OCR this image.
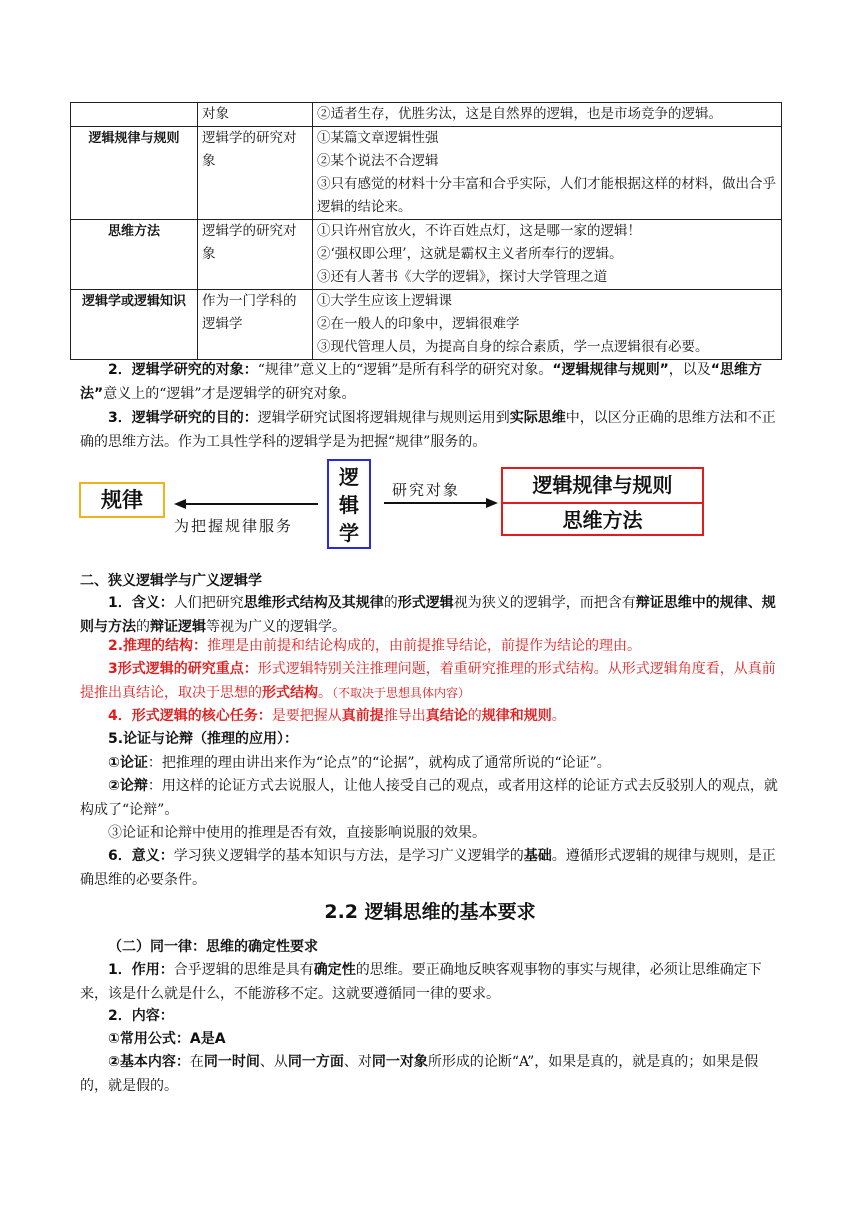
	对象	②适者生存，优胜劣汰，这是自然界的逻辑，也是市场竞争的逻辑。

逻辑规律与规则	逻辑学的研究对象	①某篇文章逻辑性强
②某个说法不合逻辑
③只有感觉的材料十分丰富和合乎实际，人们才能根据这样的材料，做出合乎逻辑的结论来。

思维方法	逻辑学的研究对象	①只许州官放火，不许百姓点灯，这是哪一家的逻辑！
②‘强权即公理’，这就是霸权主义者所奉行的逻辑。
③还有人著书《大学的逻辑》，探讨大学管理之道

逻辑学或逻辑知识	作为一门学科的逻辑学	①大学生应该上逻辑课
②在一般人的印象中，逻辑很难学
③现代管理人员，为提高自身的综合素质，学一点逻辑很有必要。
2．逻辑学研究的对象：“规律”意义上的“逻辑”是所有科学的研究对象。“逻辑规律与规则”，以及“思维方法”意义上的“逻辑”才是逻辑学的研究对象。
3．逻辑学研究的目的：逻辑学研究试图将逻辑规律与规则运用到实际思维中，以区分正确的思维方法和不正确的思维方法。作为工具性学科的逻辑学是为把握“规律”服务的。
规律
逻
辑
学
逻辑规律与规则
思维方法
研究对象
为把握规律服务
二、狭义逻辑学与广义逻辑学
1．含义：人们把研究思维形式结构及其规律的形式逻辑视为狭义的逻辑学，而把含有辩证思维中的规律、规则与方法的辩证逻辑等视为广义的逻辑学。
2.推理的结构：推理是由前提和结论构成的，由前提推导结论，前提作为结论的理由。
3形式逻辑的研究重点：形式逻辑特别关注推理问题，着重研究推理的形式结构。从形式逻辑角度看，从真前提推出真结论，取决于思想的形式结构。（不取决于思想具体内容）
4．形式逻辑的核心任务：是要把握从真前提推导出真结论的规律和规则。
5.论证与论辩（推理的应用）：
①论证：把推理的理由讲出来作为“论点”的“论据”，就构成了通常所说的“论证”。
②论辩：用这样的论证方式去说服人，让他人接受自己的观点，或者用这样的论证方式去反驳别人的观点，就构成了“论辩”。
③论证和论辩中使用的推理是否有效，直接影响说服的效果。
6．意义：学习狭义逻辑学的基本知识与方法，是学习广义逻辑学的基础。遵循形式逻辑的规律与规则，是正确思维的必要条件。
2.2 逻辑思维的基本要求
（二）同一律：思维的确定性要求
1．作用：合乎逻辑的思维是具有确定性的思维。要正确地反映客观事物的事实与规律，必须让思维确定下来，该是什么就是什么，不能游移不定。这就要遵循同一律的要求。
2．内容：
①常用公式：A是A
②基本内容：在同一时间、从同一方面、对同一对象所形成的论断“A”，如果是真的，就是真的；如果是假的，就是假的。
